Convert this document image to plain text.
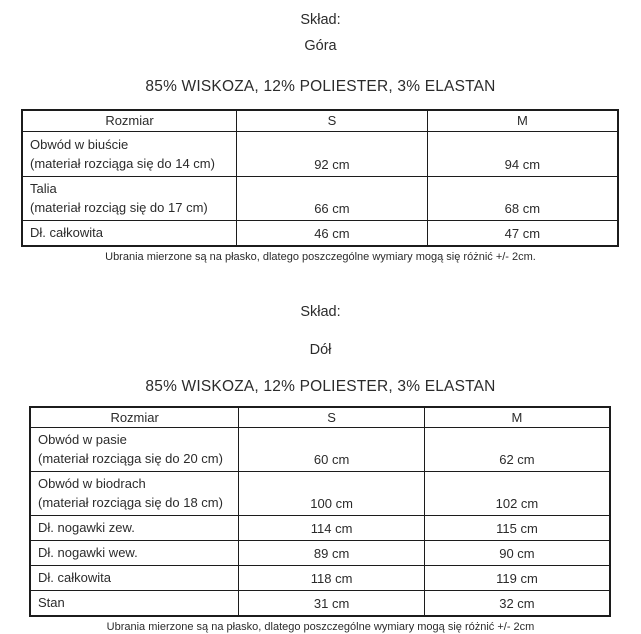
Skład:
Góra

85% WISKOZA, 12% POLIESTER, 3% ELASTAN

Rozmiar	S	M

Obwód w biuście
(materiał rozciąga się do 14 cm)	92 cm	94 cm

Talia
(materiał rozciąg się do 17 cm)	66 cm	68 cm

Dł. całkowita	46 cm	47 cm

Ubrania mierzone są na płasko, dlatego poszczególne wymiary mogą się różnić +/- 2cm.

Skład:
Dół

85% WISKOZA, 12% POLIESTER, 3% ELASTAN

Rozmiar	S	M

Obwód w pasie
(materiał rozciąga się do 20 cm)	60 cm	62 cm

Obwód w biodrach
(materiał rozciąga się do 18 cm)	100 cm	102 cm

Dł. nogawki zew.	114 cm	115 cm

Dł. nogawki wew.	89 cm	90 cm

Dł. całkowita	118 cm	119 cm

Stan	31 cm	32 cm

Ubrania mierzone są na płasko, dlatego poszczególne wymiary mogą się różnić +/- 2cm
